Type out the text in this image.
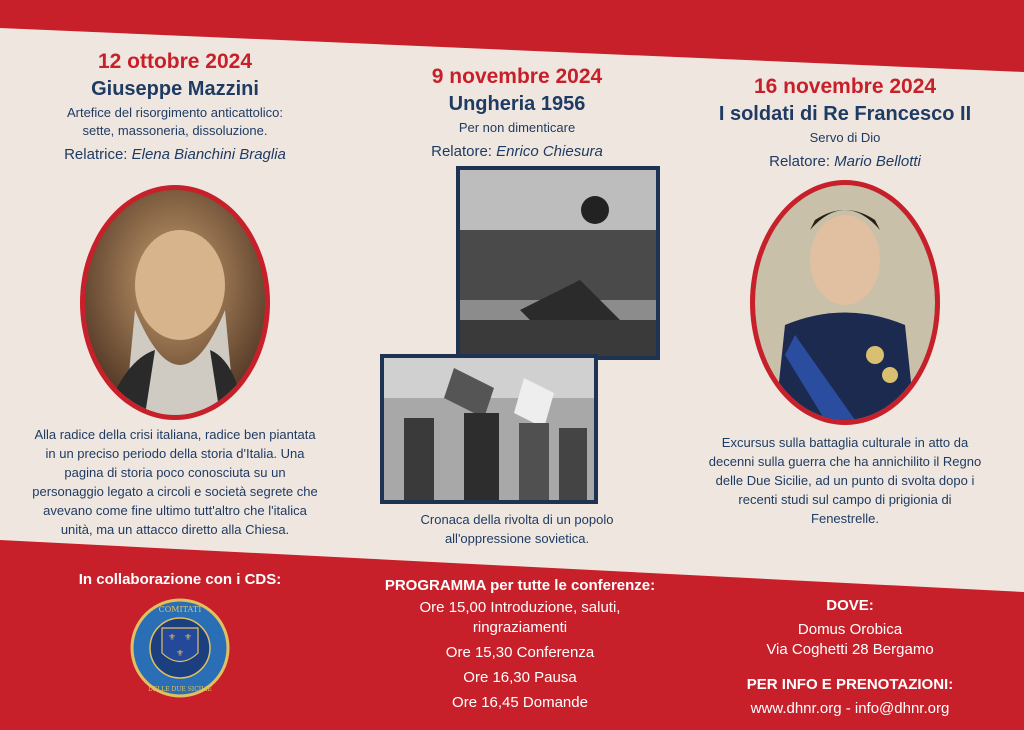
12 ottobre 2024
Giuseppe Mazzini
Artefice del risorgimento anticattolico:
sette, massoneria, dissoluzione.
Relatrice: Elena Bianchini Braglia
Alla radice della crisi italiana, radice ben piantata
in un preciso periodo della storia d'Italia. Una
pagina di storia poco conosciuta su un
personaggio legato a circoli e società segrete che
avevano come fine ultimo tutt'altro che l'italica
unità, ma un attacco diretto alla Chiesa.
9 novembre 2024
Ungheria 1956
Per non dimenticare
Relatore: Enrico Chiesura
Cronaca della rivolta di un popolo
all'oppressione sovietica.
16 novembre 2024
I soldati di Re Francesco II
Servo di Dio
Relatore: Mario Bellotti
Excursus sulla battaglia culturale in atto da
decenni sulla guerra che ha annichilito il Regno
delle Due Sicilie, ad un punto di svolta dopo i
recenti studi sul campo di prigionia di
Fenestrelle.
In collaborazione con i CDS:
⚜ ⚜
⚜
COMITATI
DELLE DUE SICILIE
PROGRAMMA per tutte le conferenze:
Ore 15,00 Introduzione, saluti,
ringraziamenti
Ore 15,30 Conferenza
Ore 16,30 Pausa
Ore 16,45 Domande
DOVE:
Domus Orobica
Via Coghetti 28 Bergamo
PER INFO E PRENOTAZIONI:
www.dhnr.org - info@dhnr.org
